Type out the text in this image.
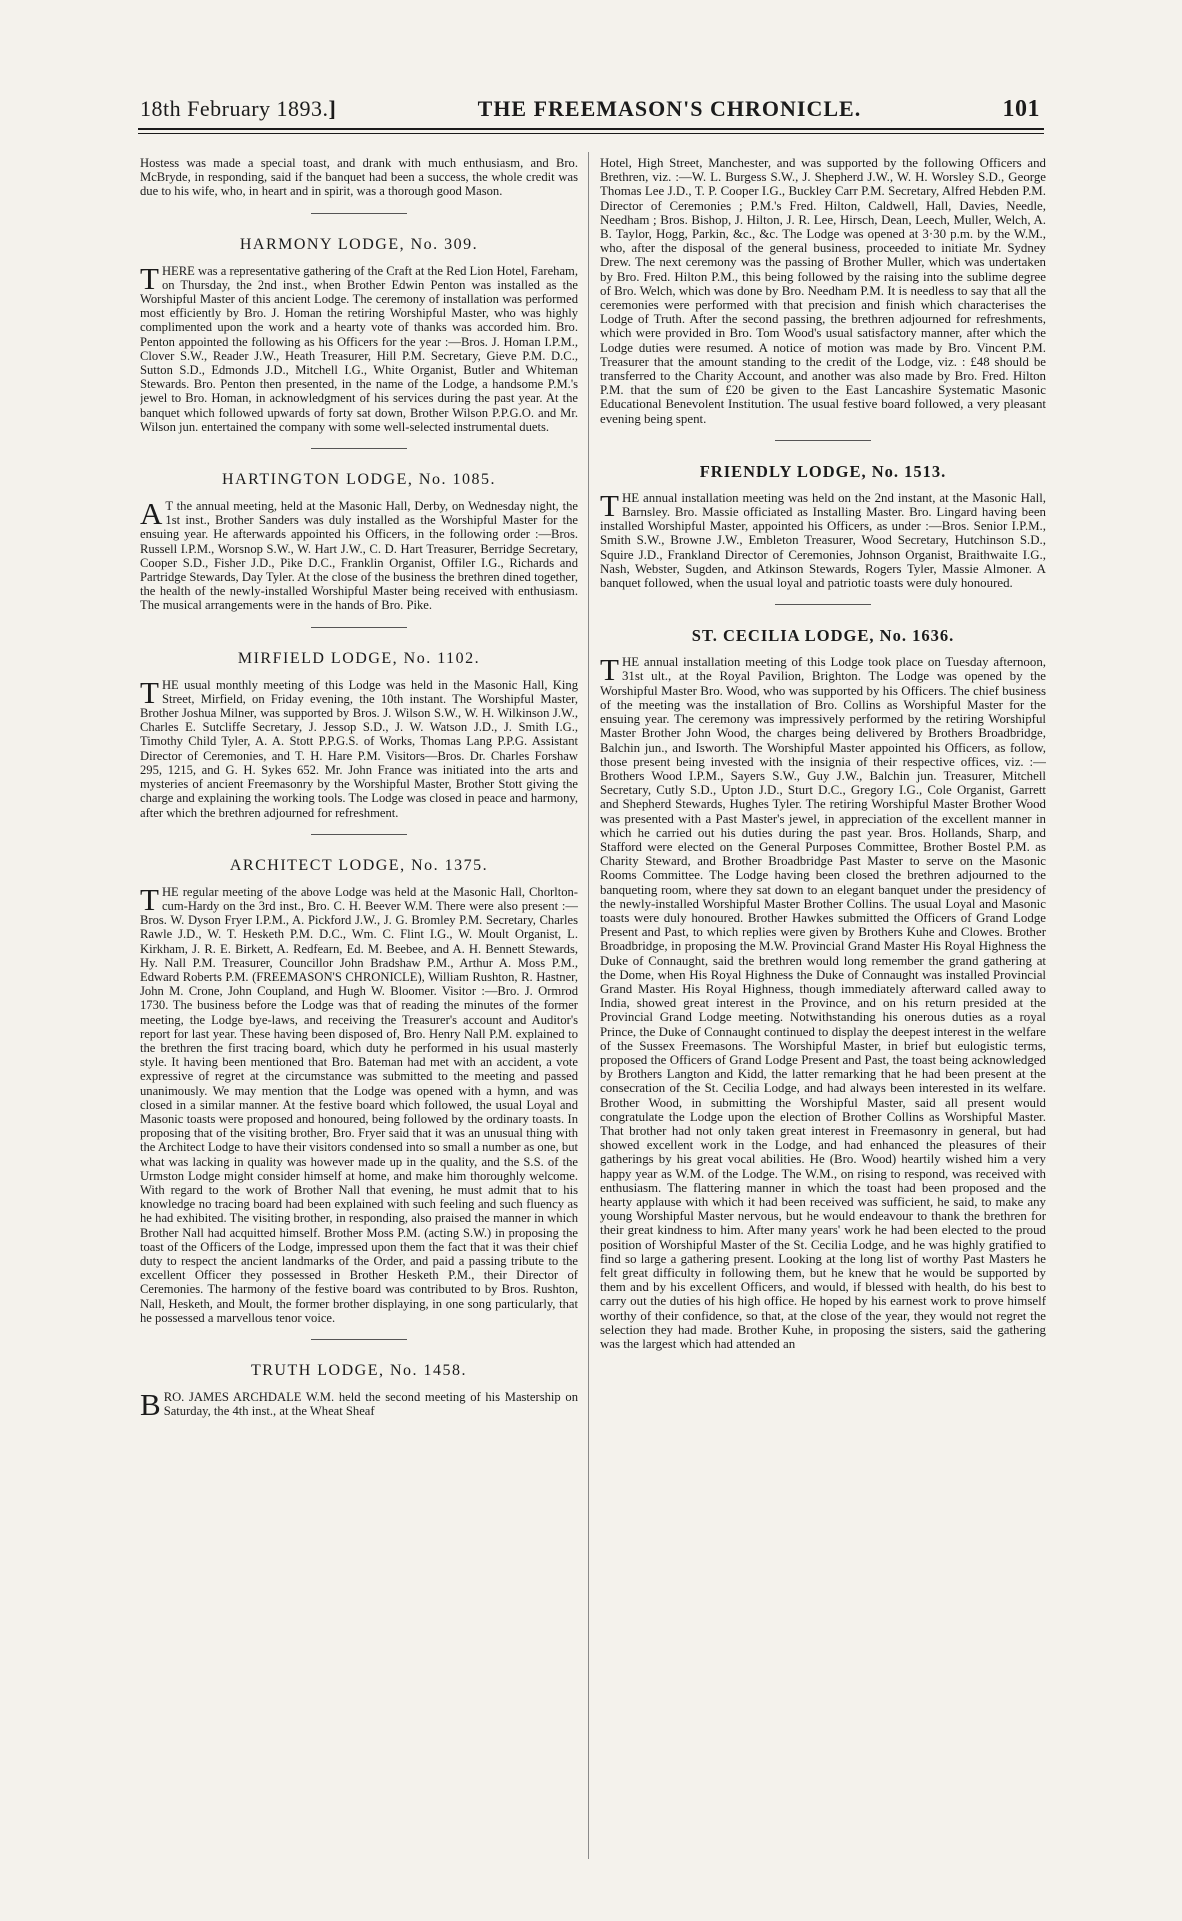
18th February 1893.]	THE FREEMASON'S CHRONICLE.	101

Hostess was made a special toast, and drank with much enthusiasm, and Bro. McBryde, in responding, said if the banquet had been a success, the whole credit was due to his wife, who, in heart and in spirit, was a thorough good Mason.

HARMONY LODGE, No. 309.

THERE was a representative gathering of the Craft at the Red Lion Hotel, Fareham, on Thursday, the 2nd inst., when Brother Edwin Penton was installed as the Worshipful Master of this ancient Lodge. The ceremony of installation was performed most efficiently by Bro. J. Homan the retiring Worshipful Master, who was highly complimented upon the work and a hearty vote of thanks was accorded him. Bro. Penton appointed the following as his Officers for the year :—Bros. J. Homan I.P.M., Clover S.W., Reader J.W., Heath Treasurer, Hill P.M. Secretary, Gieve P.M. D.C., Sutton S.D., Edmonds J.D., Mitchell I.G., White Organist, Butler and Whiteman Stewards. Bro. Penton then presented, in the name of the Lodge, a handsome P.M.'s jewel to Bro. Homan, in acknowledgment of his services during the past year. At the banquet which followed upwards of forty sat down, Brother Wilson P.P.G.O. and Mr. Wilson jun. entertained the company with some well-selected instrumental duets.

HARTINGTON LODGE, No. 1085.

AT the annual meeting, held at the Masonic Hall, Derby, on Wednesday night, the 1st inst., Brother Sanders was duly installed as the Worshipful Master for the ensuing year. He afterwards appointed his Officers, in the following order :—Bros. Russell I.P.M., Worsnop S.W., W. Hart J.W., C. D. Hart Treasurer, Berridge Secretary, Cooper S.D., Fisher J.D., Pike D.C., Franklin Organist, Offiler I.G., Richards and Partridge Stewards, Day Tyler. At the close of the business the brethren dined together, the health of the newly-installed Worshipful Master being received with enthusiasm. The musical arrangements were in the hands of Bro. Pike.

MIRFIELD LODGE, No. 1102.

THE usual monthly meeting of this Lodge was held in the Masonic Hall, King Street, Mirfield, on Friday evening, the 10th instant. The Worshipful Master, Brother Joshua Milner, was supported by Bros. J. Wilson S.W., W. H. Wilkinson J.W., Charles E. Sutcliffe Secretary, J. Jessop S.D., J. W. Watson J.D., J. Smith I.G., Timothy Child Tyler, A. A. Stott P.P.G.S. of Works, Thomas Lang P.P.G. Assistant Director of Ceremonies, and T. H. Hare P.M. Visitors—Bros. Dr. Charles Forshaw 295, 1215, and G. H. Sykes 652. Mr. John France was initiated into the arts and mysteries of ancient Freemasonry by the Worshipful Master, Brother Stott giving the charge and explaining the working tools. The Lodge was closed in peace and harmony, after which the brethren adjourned for refreshment.

ARCHITECT LODGE, No. 1375.

THE regular meeting of the above Lodge was held at the Masonic Hall, Chorlton-cum-Hardy on the 3rd inst., Bro. C. H. Beever W.M. There were also present :—Bros. W. Dyson Fryer I.P.M., A. Pickford J.W., J. G. Bromley P.M. Secretary, Charles Rawle J.D., W. T. Hesketh P.M. D.C., Wm. C. Flint I.G., W. Moult Organist, L. Kirkham, J. R. E. Birkett, A. Redfearn, Ed. M. Beebee, and A. H. Bennett Stewards, Hy. Nall P.M. Treasurer, Councillor John Bradshaw P.M., Arthur A. Moss P.M., Edward Roberts P.M. (FREEMASON'S CHRONICLE), William Rushton, R. Hastner, John M. Crone, John Coupland, and Hugh W. Bloomer. Visitor :—Bro. J. Ormrod 1730. The business before the Lodge was that of reading the minutes of the former meeting, the Lodge bye-laws, and receiving the Treasurer's account and Auditor's report for last year. These having been disposed of, Bro. Henry Nall P.M. explained to the brethren the first tracing board, which duty he performed in his usual masterly style. It having been mentioned that Bro. Bateman had met with an accident, a vote expressive of regret at the circumstance was submitted to the meeting and passed unanimously. We may mention that the Lodge was opened with a hymn, and was closed in a similar manner. At the festive board which followed, the usual Loyal and Masonic toasts were proposed and honoured, being followed by the ordinary toasts. In proposing that of the visiting brother, Bro. Fryer said that it was an unusual thing with the Architect Lodge to have their visitors condensed into so small a number as one, but what was lacking in quality was however made up in the quality, and the S.S. of the Urmston Lodge might consider himself at home, and make him thoroughly welcome. With regard to the work of Brother Nall that evening, he must admit that to his knowledge no tracing board had been explained with such feeling and such fluency as he had exhibited. The visiting brother, in responding, also praised the manner in which Brother Nall had acquitted himself. Brother Moss P.M. (acting S.W.) in proposing the toast of the Officers of the Lodge, impressed upon them the fact that it was their chief duty to respect the ancient landmarks of the Order, and paid a passing tribute to the excellent Officer they possessed in Brother Hesketh P.M., their Director of Ceremonies. The harmony of the festive board was contributed to by Bros. Rushton, Nall, Hesketh, and Moult, the former brother displaying, in one song particularly, that he possessed a marvellous tenor voice.

TRUTH LODGE, No. 1458.

BRO. JAMES ARCHDALE W.M. held the second meeting of his Mastership on Saturday, the 4th inst., at the Wheat Sheaf

Hotel, High Street, Manchester, and was supported by the following Officers and Brethren, viz. :—W. L. Burgess S.W., J. Shepherd J.W., W. H. Worsley S.D., George Thomas Lee J.D., T. P. Cooper I.G., Buckley Carr P.M. Secretary, Alfred Hebden P.M. Director of Ceremonies ; P.M.'s Fred. Hilton, Caldwell, Hall, Davies, Needle, Needham ; Bros. Bishop, J. Hilton, J. R. Lee, Hirsch, Dean, Leech, Muller, Welch, A. B. Taylor, Hogg, Parkin, &c., &c. The Lodge was opened at 3·30 p.m. by the W.M., who, after the disposal of the general business, proceeded to initiate Mr. Sydney Drew. The next ceremony was the passing of Brother Muller, which was undertaken by Bro. Fred. Hilton P.M., this being followed by the raising into the sublime degree of Bro. Welch, which was done by Bro. Needham P.M. It is needless to say that all the ceremonies were performed with that precision and finish which characterises the Lodge of Truth. After the second passing, the brethren adjourned for refreshments, which were provided in Bro. Tom Wood's usual satisfactory manner, after which the Lodge duties were resumed. A notice of motion was made by Bro. Vincent P.M. Treasurer that the amount standing to the credit of the Lodge, viz. : £48 should be transferred to the Charity Account, and another was also made by Bro. Fred. Hilton P.M. that the sum of £20 be given to the East Lancashire Systematic Masonic Educational Benevolent Institution. The usual festive board followed, a very pleasant evening being spent.

FRIENDLY LODGE, No. 1513.

THE annual installation meeting was held on the 2nd instant, at the Masonic Hall, Barnsley. Bro. Massie officiated as Installing Master. Bro. Lingard having been installed Worshipful Master, appointed his Officers, as under :—Bros. Senior I.P.M., Smith S.W., Browne J.W., Embleton Treasurer, Wood Secretary, Hutchinson S.D., Squire J.D., Frankland Director of Ceremonies, Johnson Organist, Braithwaite I.G., Nash, Webster, Sugden, and Atkinson Stewards, Rogers Tyler, Massie Almoner. A banquet followed, when the usual loyal and patriotic toasts were duly honoured.

ST. CECILIA LODGE, No. 1636.

THE annual installation meeting of this Lodge took place on Tuesday afternoon, 31st ult., at the Royal Pavilion, Brighton. The Lodge was opened by the Worshipful Master Bro. Wood, who was supported by his Officers. The chief business of the meeting was the installation of Bro. Collins as Worshipful Master for the ensuing year. The ceremony was impressively performed by the retiring Worshipful Master Brother John Wood, the charges being delivered by Brothers Broadbridge, Balchin jun., and Isworth. The Worshipful Master appointed his Officers, as follow, those present being invested with the insignia of their respective offices, viz. :—Brothers Wood I.P.M., Sayers S.W., Guy J.W., Balchin jun. Treasurer, Mitchell Secretary, Cutly S.D., Upton J.D., Sturt D.C., Gregory I.G., Cole Organist, Garrett and Shepherd Stewards, Hughes Tyler. The retiring Worshipful Master Brother Wood was presented with a Past Master's jewel, in appreciation of the excellent manner in which he carried out his duties during the past year. Bros. Hollands, Sharp, and Stafford were elected on the General Purposes Committee, Brother Bostel P.M. as Charity Steward, and Brother Broadbridge Past Master to serve on the Masonic Rooms Committee. The Lodge having been closed the brethren adjourned to the banqueting room, where they sat down to an elegant banquet under the presidency of the newly-installed Worshipful Master Brother Collins. The usual Loyal and Masonic toasts were duly honoured. Brother Hawkes submitted the Officers of Grand Lodge Present and Past, to which replies were given by Brothers Kuhe and Clowes. Brother Broadbridge, in proposing the M.W. Provincial Grand Master His Royal Highness the Duke of Connaught, said the brethren would long remember the grand gathering at the Dome, when His Royal Highness the Duke of Connaught was installed Provincial Grand Master. His Royal Highness, though immediately afterward called away to India, showed great interest in the Province, and on his return presided at the Provincial Grand Lodge meeting. Notwithstanding his onerous duties as a royal Prince, the Duke of Connaught continued to display the deepest interest in the welfare of the Sussex Freemasons. The Worshipful Master, in brief but eulogistic terms, proposed the Officers of Grand Lodge Present and Past, the toast being acknowledged by Brothers Langton and Kidd, the latter remarking that he had been present at the consecration of the St. Cecilia Lodge, and had always been interested in its welfare. Brother Wood, in submitting the Worshipful Master, said all present would congratulate the Lodge upon the election of Brother Collins as Worshipful Master. That brother had not only taken great interest in Freemasonry in general, but had showed excellent work in the Lodge, and had enhanced the pleasures of their gatherings by his great vocal abilities. He (Bro. Wood) heartily wished him a very happy year as W.M. of the Lodge. The W.M., on rising to respond, was received with enthusiasm. The flattering manner in which the toast had been proposed and the hearty applause with which it had been received was sufficient, he said, to make any young Worshipful Master nervous, but he would endeavour to thank the brethren for their great kindness to him. After many years' work he had been elected to the proud position of Worshipful Master of the St. Cecilia Lodge, and he was highly gratified to find so large a gathering present. Looking at the long list of worthy Past Masters he felt great difficulty in following them, but he knew that he would be supported by them and by his excellent Officers, and would, if blessed with health, do his best to carry out the duties of his high office. He hoped by his earnest work to prove himself worthy of their confidence, so that, at the close of the year, they would not regret the selection they had made. Brother Kuhe, in proposing the sisters, said the gathering was the largest which had attended an
